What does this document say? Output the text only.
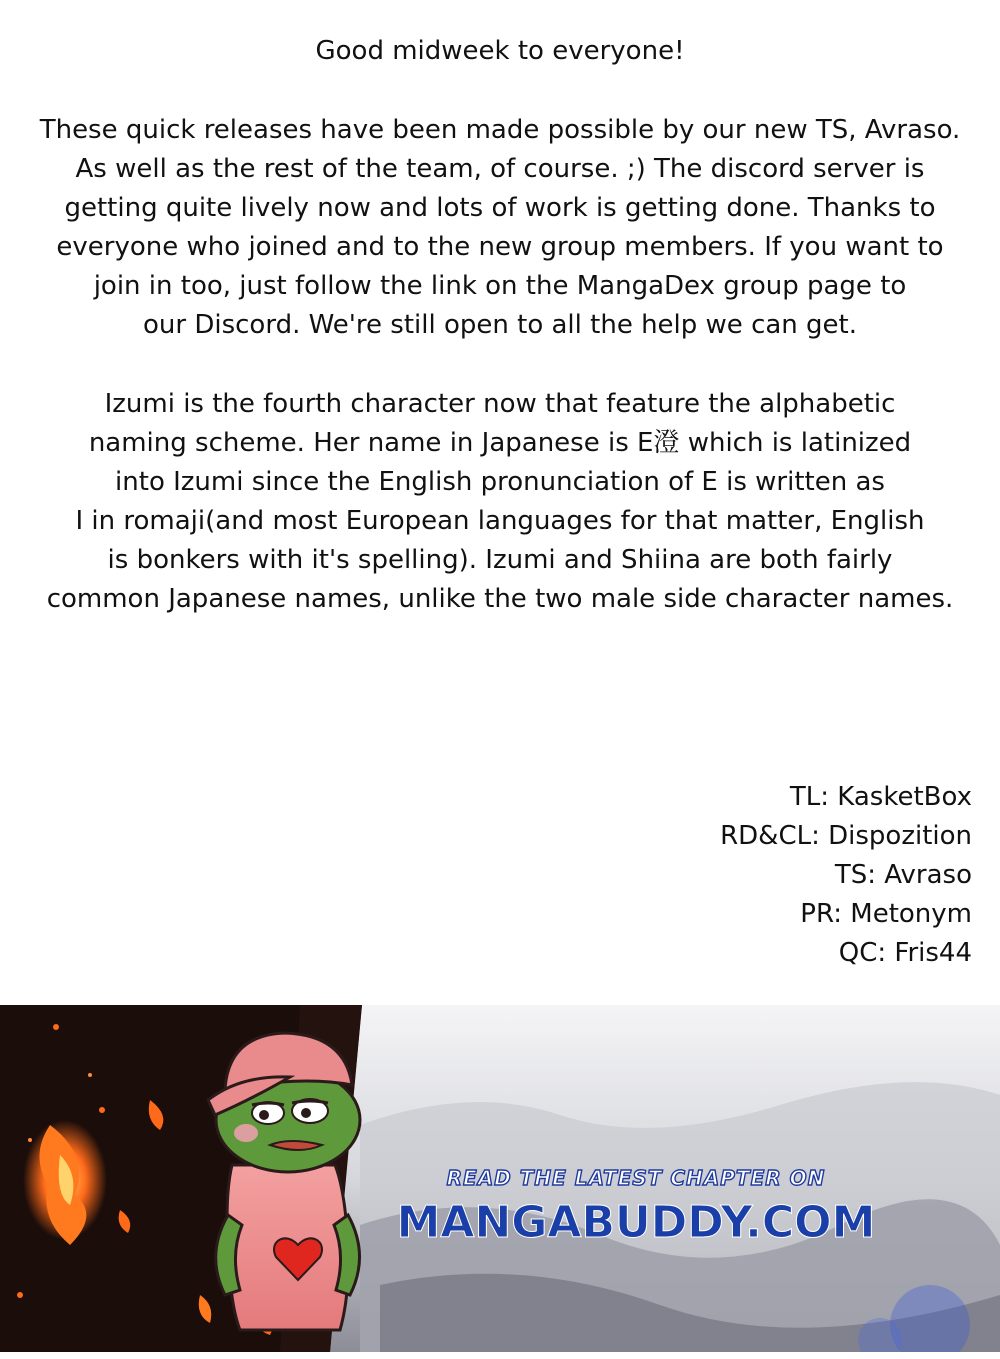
Good midweek to everyone!

These quick releases have been made possible by our new TS, Avraso.
As well as the rest of the team, of course. ;) The discord server is
getting quite lively now and lots of work is getting done. Thanks to
everyone who joined and to the new group members. If you want to
join in too, just follow the link on the MangaDex group page to
our Discord. We're still open to all the help we can get.
Izumi is the fourth character now that feature the alphabetic
naming scheme. Her name in Japanese is E澄 which is latinized
into Izumi since the English pronunciation of E is written as
I in romaji(and most European languages for that matter, English
is bonkers with it's spelling). Izumi and Shiina are both fairly
common Japanese names, unlike the two male side character names.
TL: KasketBox
RD&CL: Dispozition
TS: Avraso
PR: Metonym
QC: Fris44
READ THE LATEST CHAPTER ON
MANGABUDDY.COM
